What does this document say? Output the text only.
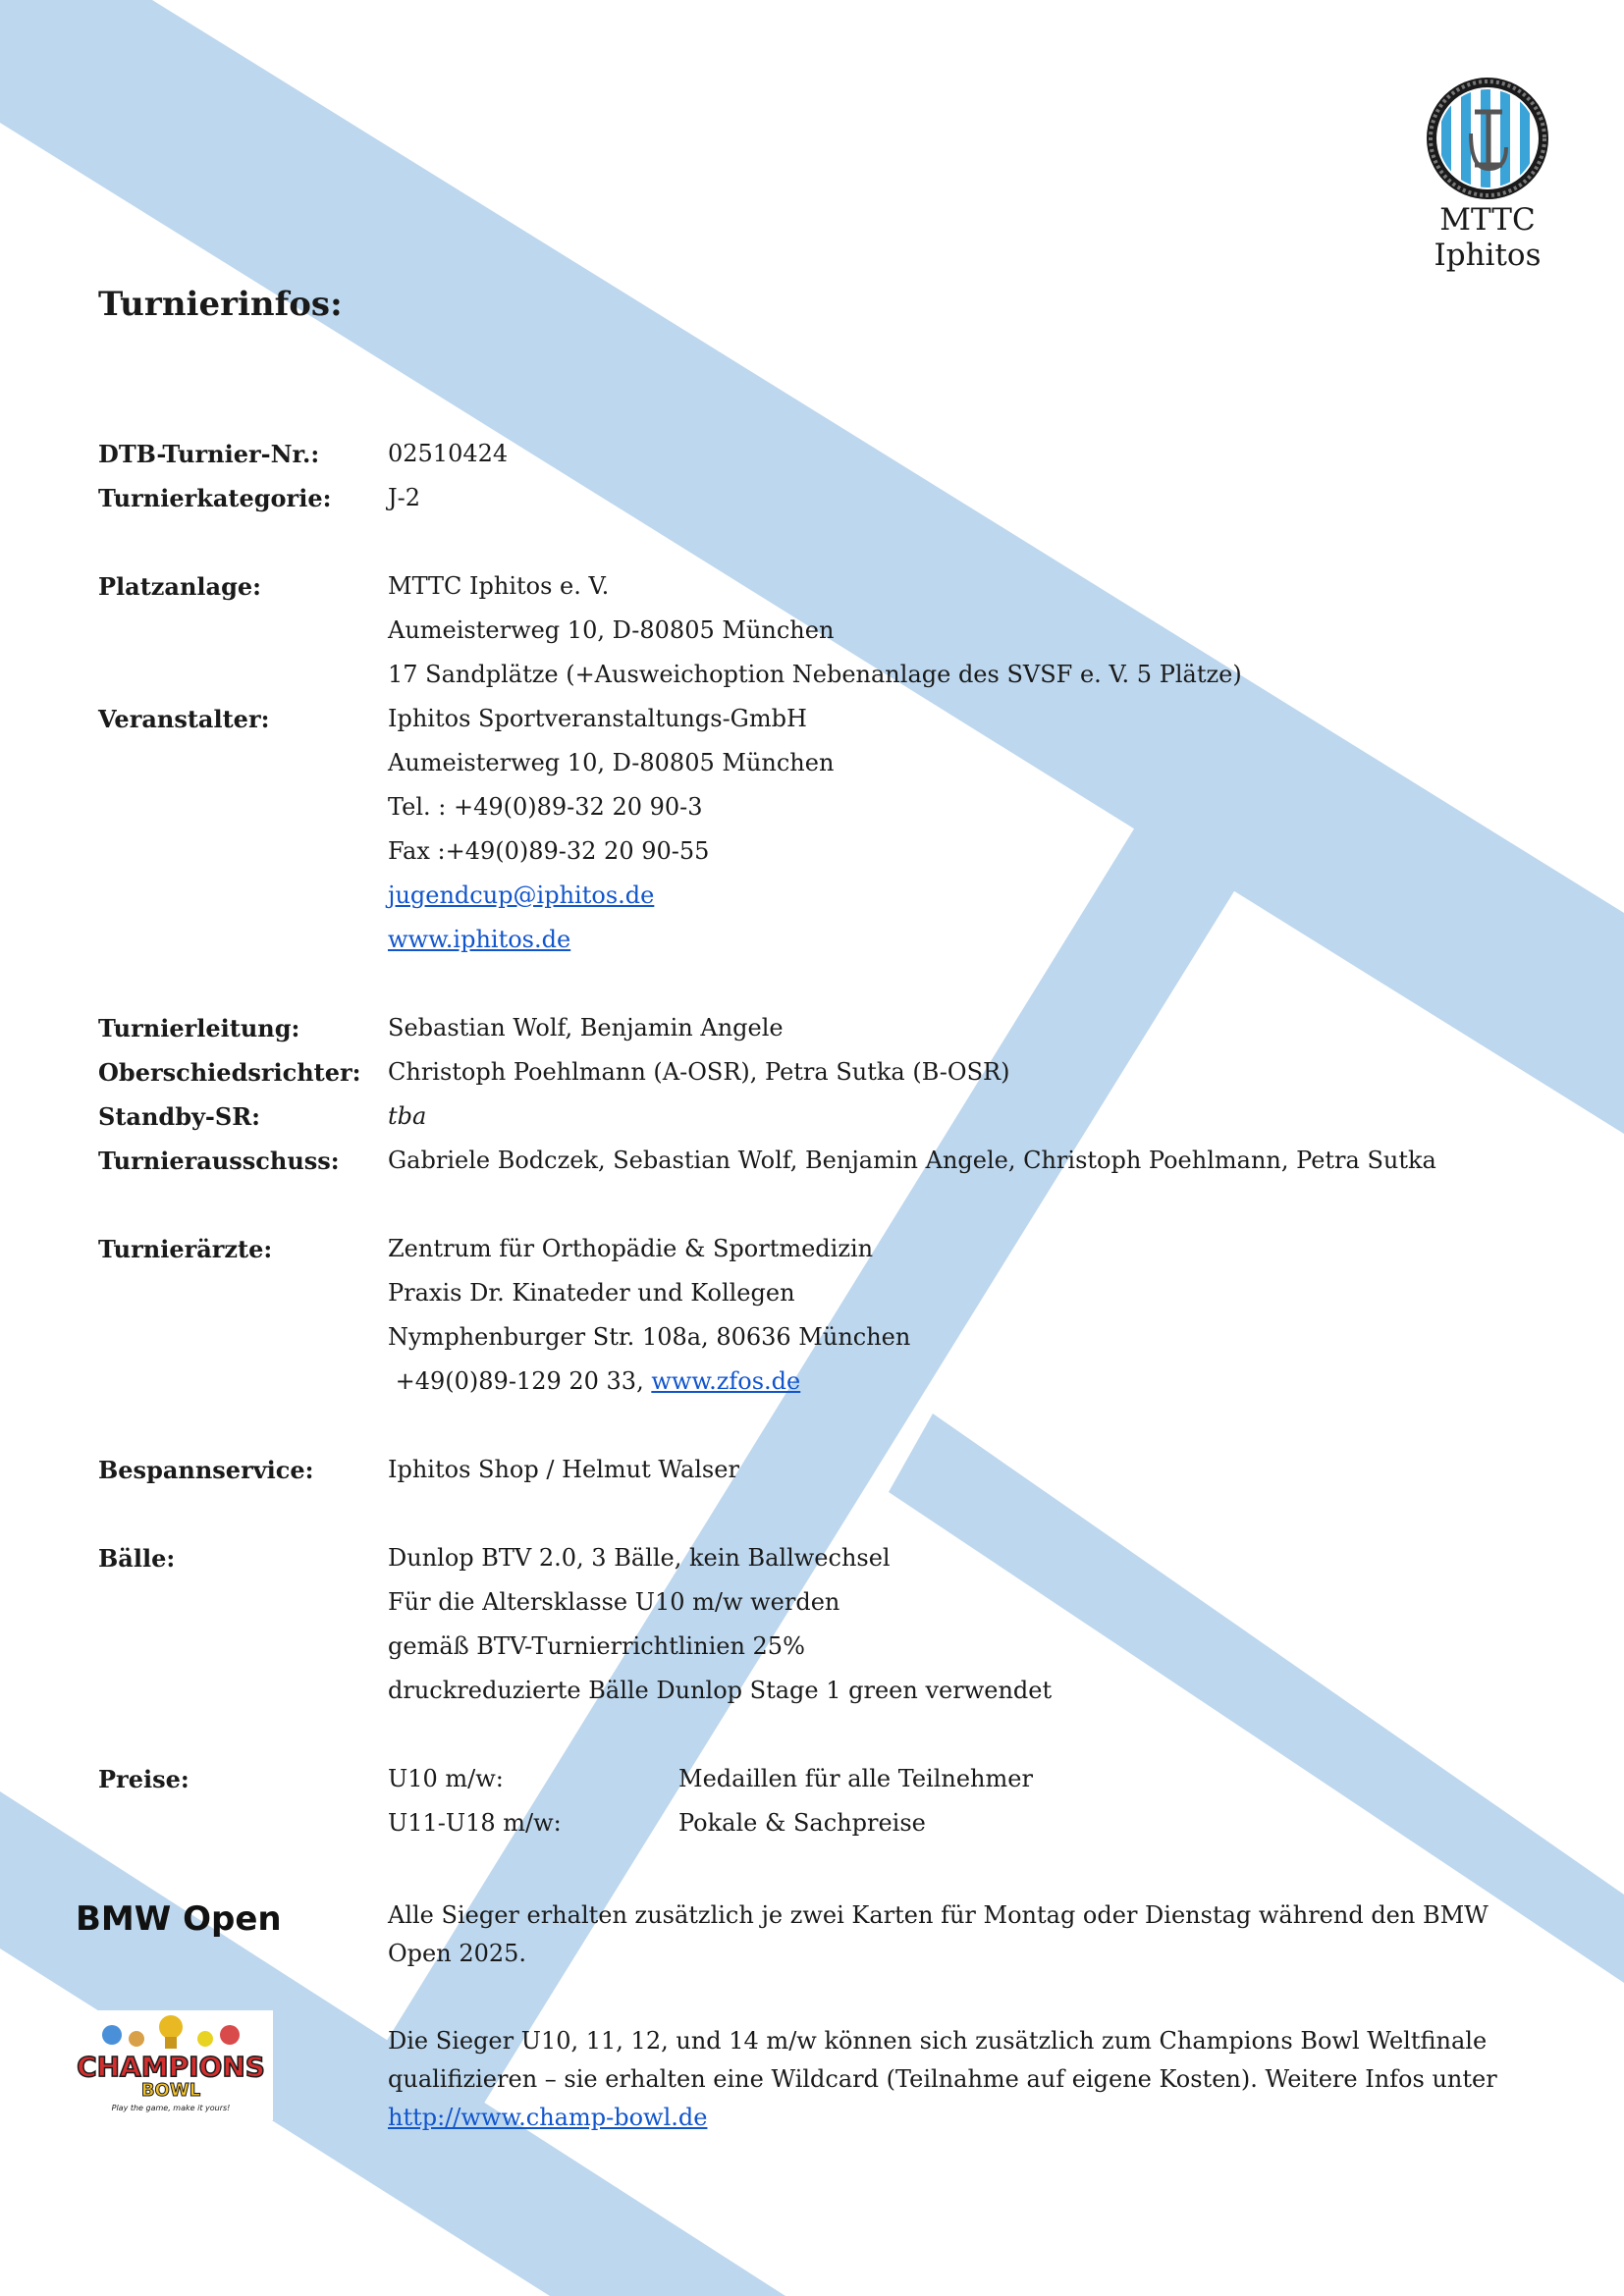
MTTC
Iphitos
Turnierinfos:
DTB-Turnier-Nr.:	02510424
Turnierkategorie:	J-2
Platzanlage:	MTTC Iphitos e. V.
Aumeisterweg 10, D-80805 München
17 Sandplätze (+Ausweichoption Nebenanlage des SVSF e. V. 5 Plätze)
Veranstalter:	Iphitos Sportveranstaltungs-GmbH
Aumeisterweg 10, D-80805 München
Tel. : +49(0)89-32 20 90-3
Fax :+49(0)89-32 20 90-55
jugendcup@iphitos.de
www.iphitos.de
Turnierleitung:	Sebastian Wolf, Benjamin Angele
Oberschiedsrichter:	Christoph Poehlmann (A-OSR), Petra Sutka (B-OSR)
Standby-SR:	tba
Turnierausschuss:	Gabriele Bodczek, Sebastian Wolf, Benjamin Angele, Christoph Poehlmann, Petra Sutka
Turnierärzte:	Zentrum für Orthopädie & Sportmedizin
Praxis Dr. Kinateder und Kollegen
Nymphenburger Str. 108a, 80636 München
+49(0)89-129 20 33, www.zfos.de
Bespannservice:	Iphitos Shop / Helmut Walser
Bälle:	Dunlop BTV 2.0, 3 Bälle, kein Ballwechsel
Für die Altersklasse U10 m/w werden
gemäß BTV-Turnierrichtlinien 25%
druckreduzierte Bälle Dunlop Stage 1 green verwendet
Preise:	U10 m/w:	Medaillen für alle Teilnehmer
U11-U18 m/w:	Pokale & Sachpreise
BMW Open	Alle Sieger erhalten zusätzlich je zwei Karten für Montag oder Dienstag während den BMW Open 2025.
CHAMPIONS
BOWL
Play the game, make it yours!
Die Sieger U10, 11, 12, und 14 m/w können sich zusätzlich zum Champions Bowl Weltfinale qualifizieren – sie erhalten eine Wildcard (Teilnahme auf eigene Kosten). Weitere Infos unter http://www.champ-bowl.de
